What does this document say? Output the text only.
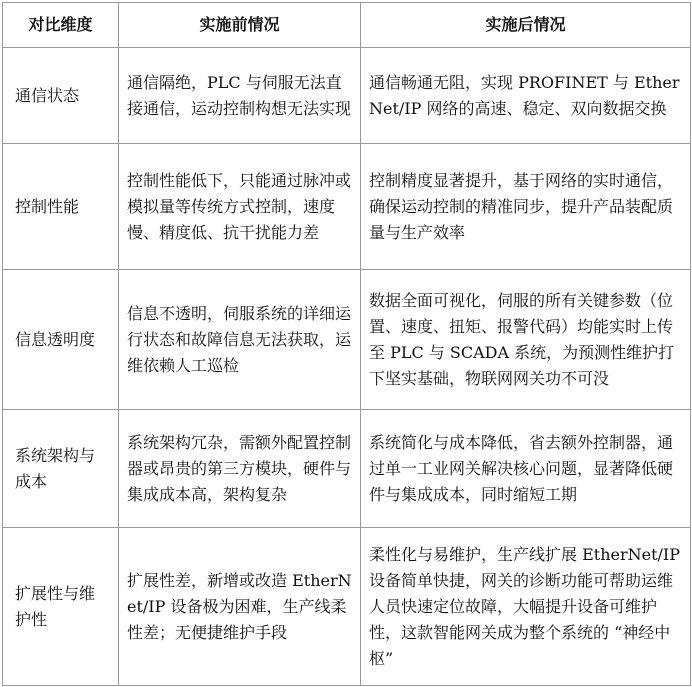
对比维度	实施前情况	实施后情况
通信状态	通信隔绝，PLC 与伺服无法直接通信，运动控制构想无法实现	通信畅通无阻，实现 PROFINET 与 EtherNet/IP 网络的高速、稳定、双向数据交换
控制性能	控制性能低下，只能通过脉冲或模拟量等传统方式控制，速度慢、精度低、抗干扰能力差	控制精度显著提升，基于网络的实时通信，确保运动控制的精准同步，提升产品装配质量与生产效率
信息透明度	信息不透明，伺服系统的详细运行状态和故障信息无法获取，运维依赖人工巡检	数据全面可视化，伺服的所有关键参数（位置、速度、扭矩、报警代码）均能实时上传至 PLC 与 SCADA 系统，为预测性维护打下坚实基础，物联网网关功不可没
系统架构与成本	系统架构冗杂，需额外配置控制器或昂贵的第三方模块，硬件与集成成本高，架构复杂	系统简化与成本降低，省去额外控制器，通过单一工业网关解决核心问题，显著降低硬件与集成成本，同时缩短工期
扩展性与维护性	扩展性差，新增或改造 EtherNet/IP 设备极为困难，生产线柔性差；无便捷维护手段	柔性化与易维护，生产线扩展 EtherNet/IP 设备简单快捷，网关的诊断功能可帮助运维人员快速定位故障，大幅提升设备可维护性，这款智能网关成为整个系统的 “神经中枢”
